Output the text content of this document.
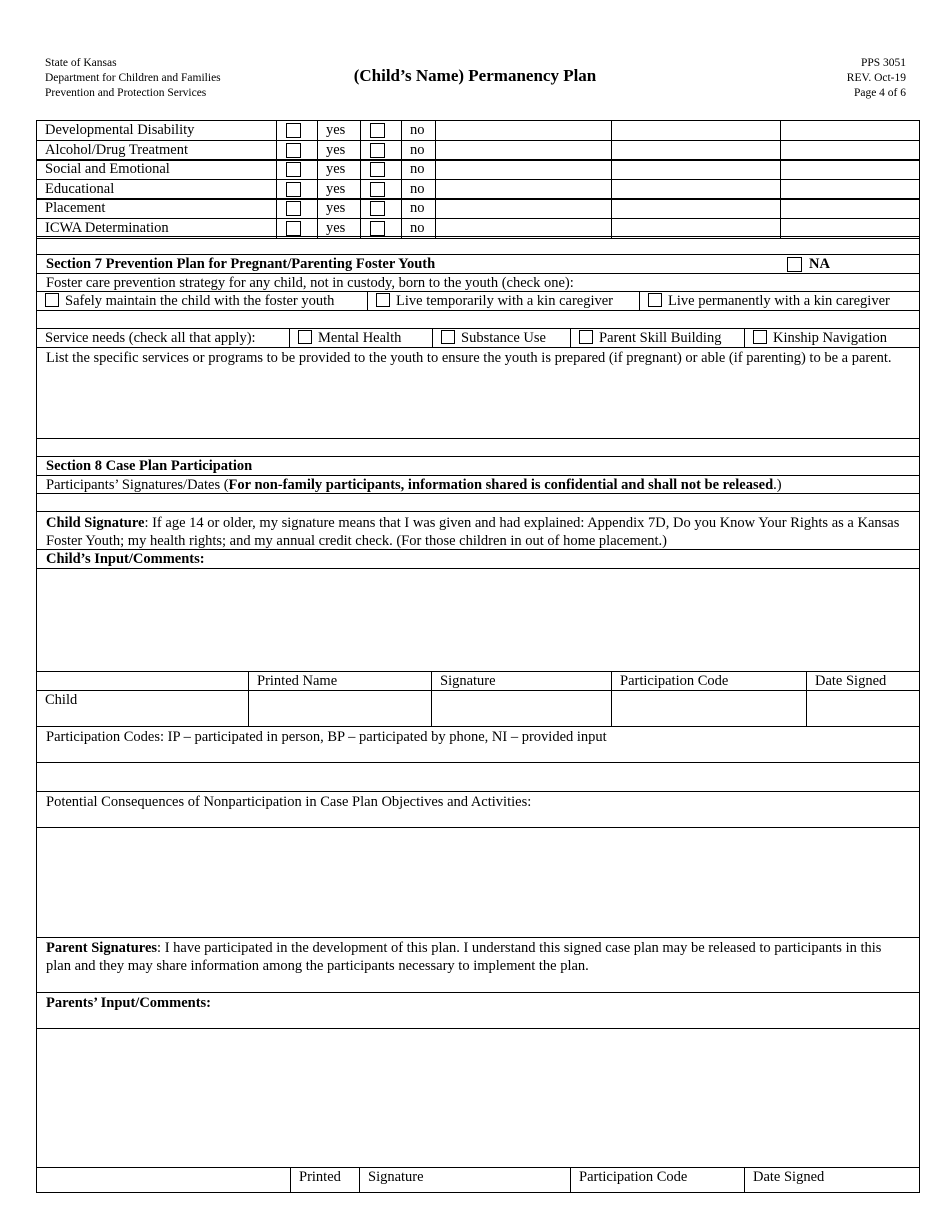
State of Kansas
Department for Children and Families
Prevention and Protection Services
(Child’s Name) Permanency Plan
PPS 3051
REV. Oct-19
Page 4 of 6
Developmental Disability	yes	no
Alcohol/Drug Treatment	yes	no
Social and Emotional	yes	no
Educational	yes	no
Placement	yes	no
ICWA Determination	yes	no
Section 7 Prevention Plan for Pregnant/Parenting Foster Youth	NA
Foster care prevention strategy for any child, not in custody, born to the youth (check one):
Safely maintain the child with the foster youth	Live temporarily with a kin caregiver	Live permanently with a kin caregiver
Service needs (check all that apply):	Mental Health	Substance Use	Parent Skill Building	Kinship Navigation
List the specific services or programs to be provided to the youth to ensure the youth is prepared (if pregnant) or able (if parenting) to be a parent.
Section 8 Case Plan Participation
Participants’ Signatures/Dates (For non-family participants, information shared is confidential and shall not be released.)
Child Signature: If age 14 or older, my signature means that I was given and had explained: Appendix 7D, Do you Know Your Rights as a Kansas Foster Youth; my health rights; and my annual credit check. (For those children in out of home placement.)
Child’s Input/Comments:
Printed Name	Signature	Participation Code	Date Signed
Child
Participation Codes: IP – participated in person, BP – participated by phone, NI – provided input
Potential Consequences of Nonparticipation in Case Plan Objectives and Activities:
Parent Signatures: I have participated in the development of this plan. I understand this signed case plan may be released to participants in this plan and they may share information among the participants necessary to implement the plan.
Parents’ Input/Comments:
Printed	Signature	Participation Code	Date Signed
